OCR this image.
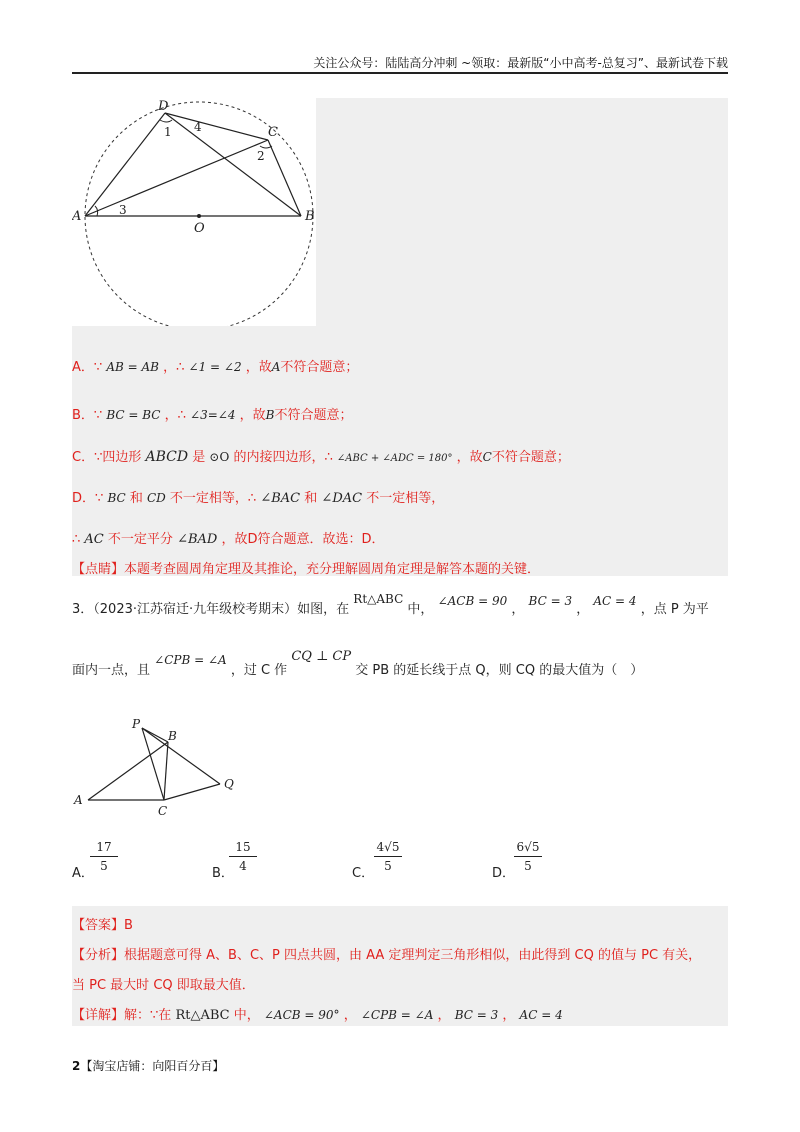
关注公众号：陆陆高分冲刺 ~领取：最新版“小中高考-总复习”、最新试卷下载
D
C
A	B
O
1 4
2
3
A．∵ AB = AB ，∴ ∠1 = ∠2 ，故A不符合题意；
B．∵ BC = BC ，∴ ∠3=∠4 ，故B不符合题意；
C．∵四边形 ABCD 是 ⊙O 的内接四边形，∴ ∠ABC + ∠ADC = 180° ，故C不符合题意；
D．∵ BC 和 CD 不一定相等，∴ ∠BAC 和 ∠DAC 不一定相等，
∴ AC 不一定平分 ∠BAD ，故D符合题意．故选：D．
【点睛】本题考查圆周角定理及其推论，充分理解圆周角定理是解答本题的关键．
3．（2023·江苏宿迁·九年级校考期末）如图，在 Rt△ABC 中， ∠ACB = 90 ， BC = 3 ， AC = 4 ，点 P 为平
面内一点，且 ∠CPB = ∠A ，过 C 作 CQ ⊥ CP 交 PB 的延长线于点 Q，则 CQ 的最大值为（　）
P
B
A
C
Q
A．
17
5	B．
15
4	C．
4√5
5	D．
6√5
5
【答案】B
【分析】根据题意可得 A、B、C、P 四点共圆，由 AA 定理判定三角形相似，由此得到 CQ 的值与 PC 有关，
当 PC 最大时 CQ 即取最大值．
【详解】解：∵在 Rt△ABC 中， ∠ACB = 90° ， ∠CPB = ∠A ， BC = 3 ， AC = 4
2【淘宝店铺：向阳百分百】
